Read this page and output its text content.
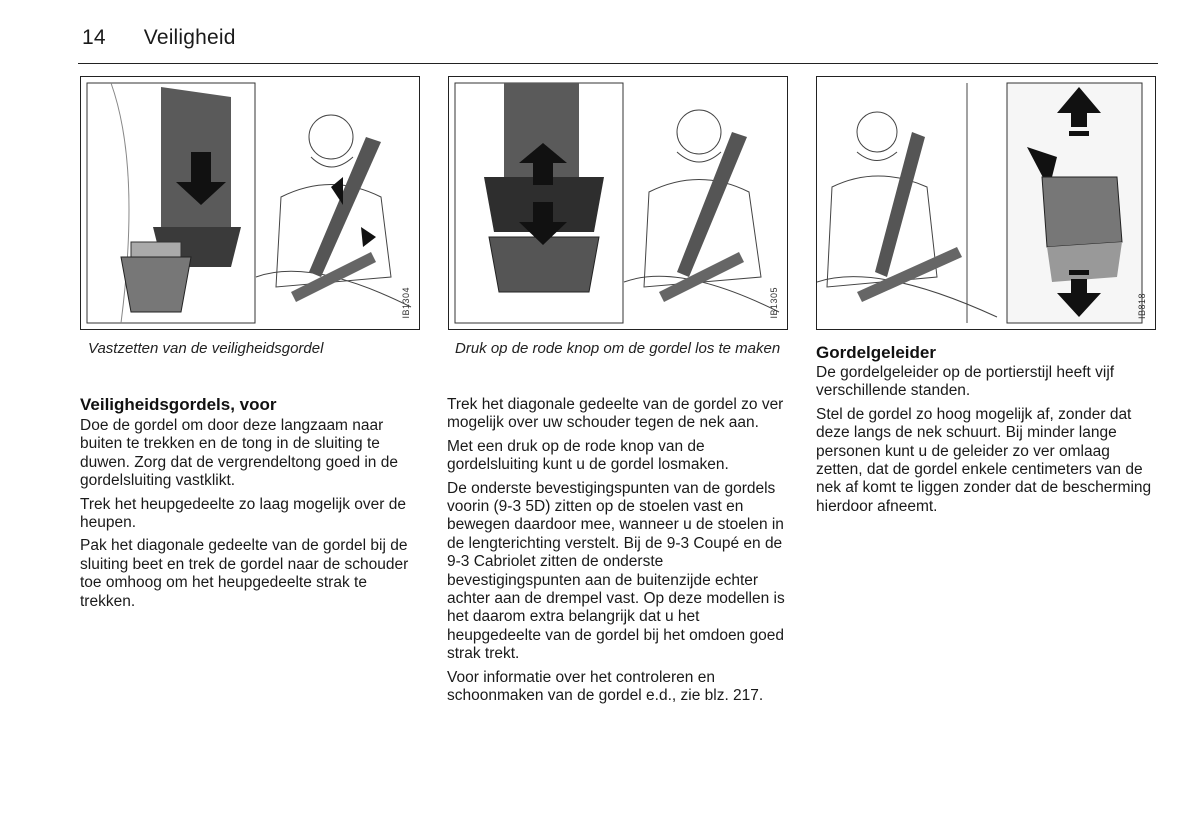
14 Veiligheid
IB1304
Vastzetten van de veiligheidsgordel
IB1305
Druk op de rode knop om de gordel los te maken
IB818
Veiligheidsgordels, voor

Doe de gordel om door deze langzaam naar buiten te trekken en de tong in de sluiting te duwen. Zorg dat de vergrendeltong goed in de gordelsluiting vastklikt.

Trek het heupgedeelte zo laag mogelijk over de heupen.

Pak het diagonale gedeelte van de gordel bij de sluiting beet en trek de gordel naar de schouder toe omhoog om het heupgedeelte strak te trekken.

Trek het diagonale gedeelte van de gordel zo ver mogelijk over uw schouder tegen de nek aan.

Met een druk op de rode knop van de gordelsluiting kunt u de gordel losmaken.

De onderste bevestigingspunten van de gordels voorin (9-3 5D) zitten op de stoelen vast en bewegen daardoor mee, wanneer u de stoelen in de lengterichting verstelt. Bij de 9-3 Coupé en de 9-3 Cabriolet zitten de onderste bevestigingspunten aan de buitenzijde echter achter aan de drempel vast. Op deze modellen is het daarom extra belangrijk dat u het heupgedeelte van de gordel bij het omdoen goed strak trekt.

Voor informatie over het controleren en schoonmaken van de gordel e.d., zie blz. 217.

Gordelgeleider

De gordelgeleider op de portierstijl heeft vijf verschillende standen.

Stel de gordel zo hoog mogelijk af, zonder dat deze langs de nek schuurt. Bij minder lange personen kunt u de geleider zo ver omlaag zetten, dat de gordel enkele centimeters van de nek af komt te liggen zonder dat de bescherming hierdoor afneemt.
